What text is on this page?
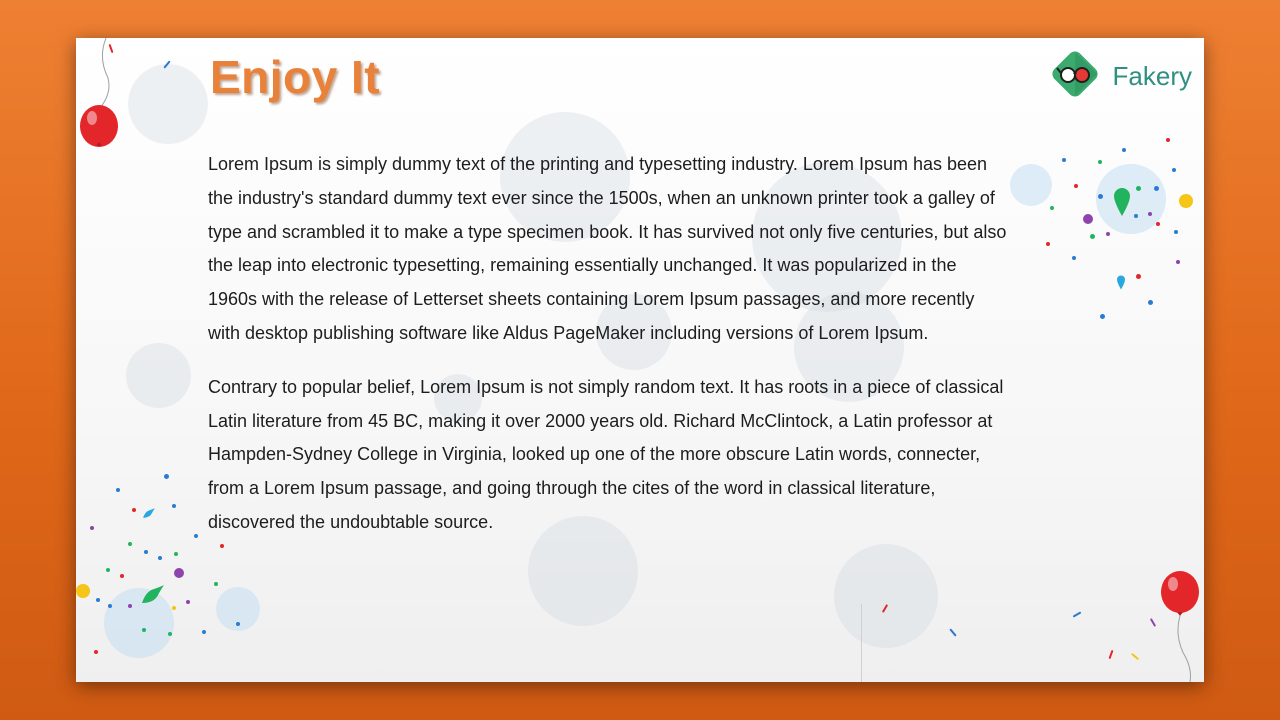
Enjoy It	Fakery

Lorem Ipsum is simply dummy text of the printing and typesetting industry. Lorem Ipsum has been the industry's standard dummy text ever since the 1500s, when an unknown printer took a galley of type and scrambled it to make a type specimen book. It has survived not only five centuries, but also the leap into electronic typesetting, remaining essentially unchanged. It was popularized in the 1960s with the release of Letterset sheets containing Lorem Ipsum passages, and more recently with desktop publishing software like Aldus PageMaker including versions of Lorem Ipsum.

Contrary to popular belief, Lorem Ipsum is not simply random text. It has roots in a piece of classical Latin literature from 45 BC, making it over 2000 years old. Richard McClintock, a Latin professor at Hampden-Sydney College in Virginia, looked up one of the more obscure Latin words, connecter, from a Lorem Ipsum passage, and going through the cites of the word in classical literature, discovered the undoubtable source.
